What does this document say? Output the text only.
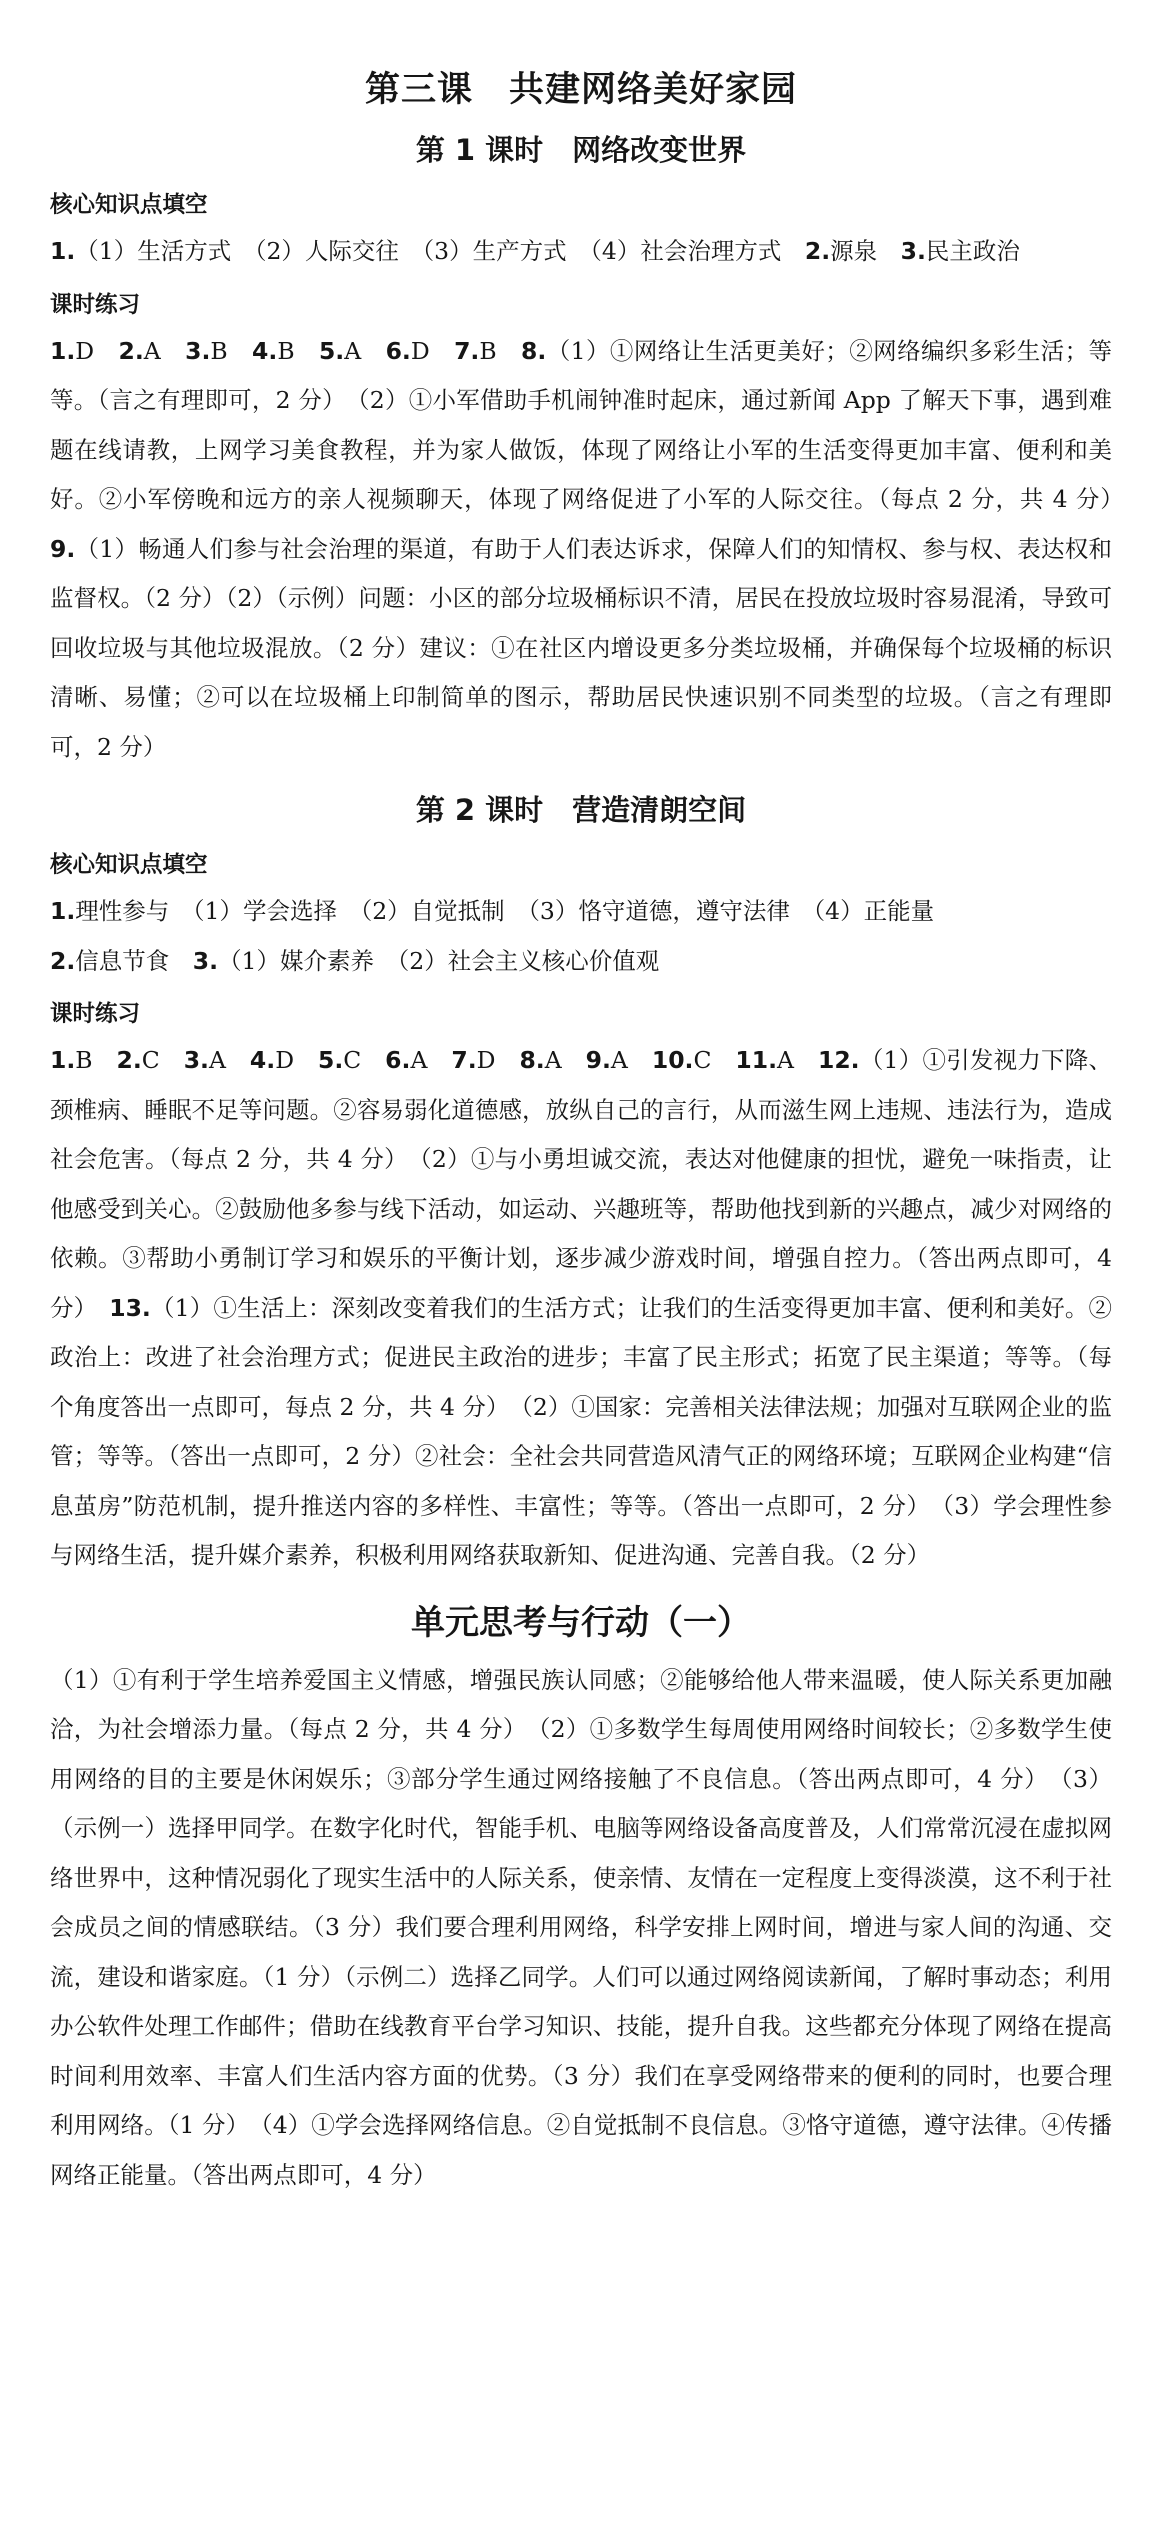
第三课　共建网络美好家园
第 1 课时　网络改变世界
核心知识点填空

1.（1）生活方式　（2）人际交往　（3）生产方式　（4）社会治理方式　2.源泉　3.民主政治

课时练习

1.D　2.A　3.B　4.B　5.A　6.D　7.B　8.（1）①网络让生活更美好；②网络编织多彩生活；等等。（言之有理即可，2 分）　（2）①小军借助手机闹钟准时起床，通过新闻 App 了解天下事，遇到难题在线请教，上网学习美食教程，并为家人做饭，体现了网络让小军的生活变得更加丰富、便利和美好。②小军傍晚和远方的亲人视频聊天，体现了网络促进了小军的人际交往。（每点 2 分，共 4 分）　9.（1）畅通人们参与社会治理的渠道，有助于人们表达诉求，保障人们的知情权、参与权、表达权和监督权。（2 分）（2）（示例）问题：小区的部分垃圾桶标识不清，居民在投放垃圾时容易混淆，导致可回收垃圾与其他垃圾混放。（2 分）建议：①在社区内增设更多分类垃圾桶，并确保每个垃圾桶的标识清晰、易懂；②可以在垃圾桶上印制简单的图示，帮助居民快速识别不同类型的垃圾。（言之有理即可，2 分）

第 2 课时　营造清朗空间
核心知识点填空

1.理性参与　（1）学会选择　（2）自觉抵制　（3）恪守道德，遵守法律　（4）正能量

2.信息节食　3.（1）媒介素养　（2）社会主义核心价值观

课时练习

1.B　2.C　3.A　4.D　5.C　6.A　7.D　8.A　9.A　10.C　11.A　12.（1）①引发视力下降、颈椎病、睡眠不足等问题。②容易弱化道德感，放纵自己的言行，从而滋生网上违规、违法行为，造成社会危害。（每点 2 分，共 4 分）　（2）①与小勇坦诚交流，表达对他健康的担忧，避免一味指责，让他感受到关心。②鼓励他多参与线下活动，如运动、兴趣班等，帮助他找到新的兴趣点，减少对网络的依赖。③帮助小勇制订学习和娱乐的平衡计划，逐步减少游戏时间，增强自控力。（答出两点即可，4 分）　13.（1）①生活上：深刻改变着我们的生活方式；让我们的生活变得更加丰富、便利和美好。②政治上：改进了社会治理方式；促进民主政治的进步；丰富了民主形式；拓宽了民主渠道；等等。（每个角度答出一点即可，每点 2 分，共 4 分）　（2）①国家：完善相关法律法规；加强对互联网企业的监管；等等。（答出一点即可，2 分）②社会：全社会共同营造风清气正的网络环境；互联网企业构建“信息茧房”防范机制，提升推送内容的多样性、丰富性；等等。（答出一点即可，2 分）　（3）学会理性参与网络生活，提升媒介素养，积极利用网络获取新知、促进沟通、完善自我。（2 分）

单元思考与行动（一）

（1）①有利于学生培养爱国主义情感，增强民族认同感；②能够给他人带来温暖，使人际关系更加融洽，为社会增添力量。（每点 2 分，共 4 分）　（2）①多数学生每周使用网络时间较长；②多数学生使用网络的目的主要是休闲娱乐；③部分学生通过网络接触了不良信息。（答出两点即可，4 分）　（3）（示例一）选择甲同学。在数字化时代，智能手机、电脑等网络设备高度普及，人们常常沉浸在虚拟网络世界中，这种情况弱化了现实生活中的人际关系，使亲情、友情在一定程度上变得淡漠，这不利于社会成员之间的情感联结。（3 分）我们要合理利用网络，科学安排上网时间，增进与家人间的沟通、交流，建设和谐家庭。（1 分）（示例二）选择乙同学。人们可以通过网络阅读新闻，了解时事动态；利用办公软件处理工作邮件；借助在线教育平台学习知识、技能，提升自我。这些都充分体现了网络在提高时间利用效率、丰富人们生活内容方面的优势。（3 分）我们在享受网络带来的便利的同时，也要合理利用网络。（1 分）　（4）①学会选择网络信息。②自觉抵制不良信息。③恪守道德，遵守法律。④传播网络正能量。（答出两点即可，4 分）
